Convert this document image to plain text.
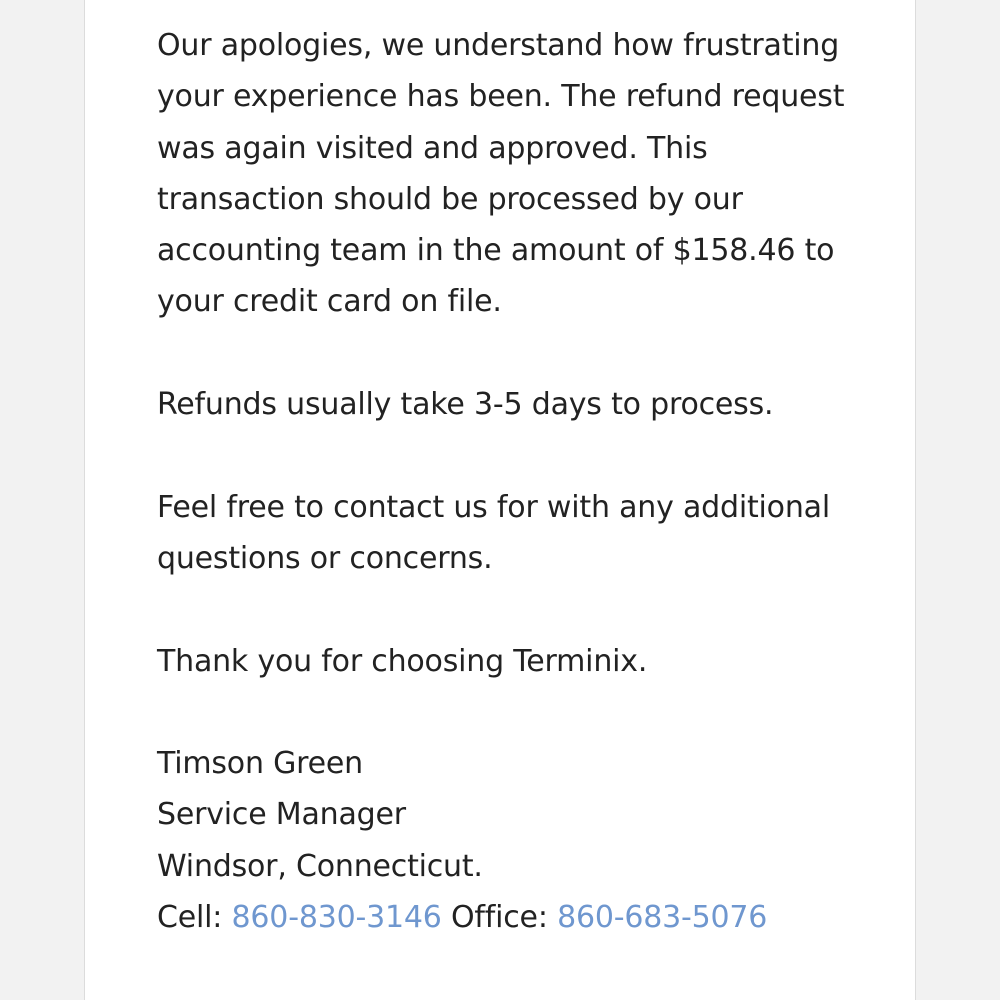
Our apologies, we understand how frustrating your experience has been. The refund request was again visited and approved. This transaction should be processed by our accounting team in the amount of $158.46 to your credit card on file.

Refunds usually take 3-5 days to process.

Feel free to contact us for with any additional questions or concerns.

Thank you for choosing Terminix.

Timson Green
Service Manager
Windsor, Connecticut.
Cell: 860-830-3146 Office: 860-683-5076
